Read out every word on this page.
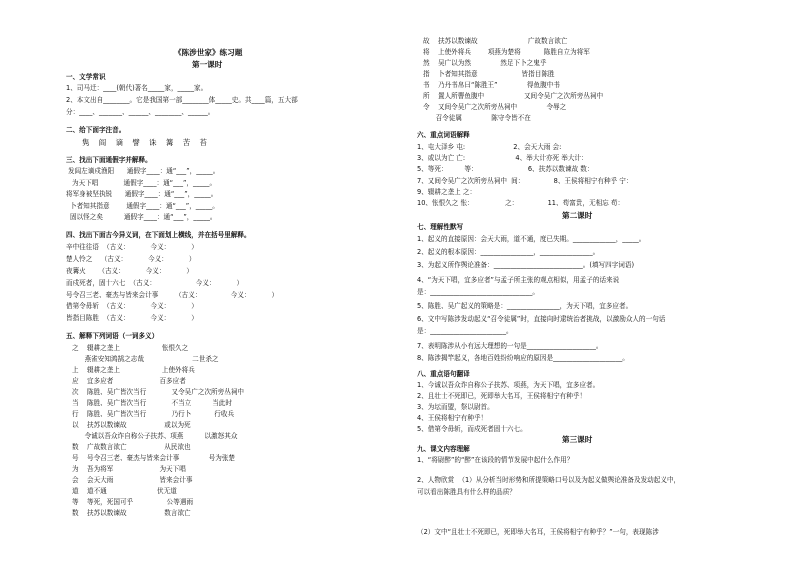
《陈涉世家》练习题
第一课时
一、文学常识
1、司马迁：____(朝代)著名_____家，_____家。
2、本文出自________。它是我国第一部________体_____史。共____篇，五大部
分：____、_______、______、________、______。
二、给下面字注音。
隽    阎    谪    譬    诛    篝    苦    苔
三、找出下面通假字并解释。
发闾左谪戍渔阳      通假字____：通“___”，_____。
为天下唱            通假字____：通“___”，_____。
将军身被坚执锐      通假字____：通“___”，_____。
卜者知其指意        通假字____：通“___”，_____。
固以怪之矣          通假字____：通“___”，_____。
四、找出下面古今异义词，在下面划上横线，并在括号里解释。
辛中往往语  （古义：          今义：          ）
楚人怜之    （古义：          今义：          ）
夜篝火      （古义：          今义：          ）
而戍死者，固十六七  （古义：                   今义：          ）
号令召三老、豪杰与皆来会计事        （古义：              今义：          ）
借第令毋斩  （古义：          今义：          ）
皆指目陈胜  （古义：          今义：          ）
五、解释下列词语（一词多义）
之    辍耕之垄上                    怅恨久之
燕雀安知鸿鹄之志哉                       二世杀之
上    辍耕之垄上                    上使外将兵
应    宜多应者                      百多应者
次    陈胜、吴广皆次当行            又令吴广之次所旁丛祠中
当    陈胜、吴广皆次当行            不当立          当此时
行    陈胜、吴广皆次当行            乃行卜           行收兵
以    扶苏以数谏故                  或以为死
令诚以吾众诈自称公子扶苏、项燕          以激怒其众
数    广故数言欲亡                  从民欲也
号    号令召三老、豪杰与皆来会计事              号为张楚
为    吾为将军                      为天下唱
会    会天大雨                      皆来会计事
道    道不通                        伏无道
等    等死，死国可乎                公等遇雨
数    扶苏以数谏故                  数言欲亡
故    扶苏以数谏故                        广故数言欲亡
将    上使外将兵        项燕为楚将           陈胜自立为将军
然    吴广以为然              然足下卜之鬼乎
指    卜者知其指意                     皆指目陈胜
书    乃丹书帛曰“陈胜王”              得鱼腹中书
所    置人所罾鱼腹中                   又间令吴广之次所旁丛祠中
令    又间令吴广之次所旁丛祠中              令辱之
召令徒属              陈守令皆不在
六、重点词语解释
1、屯大泽乡 屯:                       2、会天大雨 会:
3、或以为亡 亡:                        4、举大计亦死 举大计：
5、等死：        等：                        6、扶苏以数谏故 数：
7、又间令吴广之次所旁丛祠中  间：              8、王侯将相宁有种乎 宁：
9、辍耕之垄上 之：
10、怅恨久之 怅：               之：              11、苟富贵，无相忘 苟：
第二课时
七、理解性默写
1、起义的直接原因：会天大雨，道不通，度已失期。_____________，_____。
2、起义的根本原因：________________，________________。
3、为起义所作舆论准备：___________________________。(填写四字词语)
4、“为天下唱，宜多应者”与孟子所主张的观点相似，用孟子的话来说
是：_______________________________。
5、陈胜、吴广起义的策略是：________________，为天下唱，宜多应者。
6、文中写陈涉发动起义“召令徒属”时，直接向时逮统治者挑战，以激励众人的一句话
是：_______________________。
7、表明陈涉从小有远大理想的一句是_____________________。
8、陈涉揭竿起义，各地百姓纷纷响应的原因是_____________________。
八、重点语句翻译
1、今诚以吾众诈自称公子扶苏、项燕，为天下唱，宜多应者。
2、且壮士不死即已，死即举大名耳，王侯将相宁有种乎！
3、为坛而盟，祭以尉首。
4、王侯将相宁有种乎！
5、借第令毋斩，而戍死者固十六七。
第三课时
九、课文内容理解
1、“将尉醉”的“醉”在该段的情节发展中起什么作用？
2、人物欣赏  （1）从分析当时形势和所提策略口号以及为起义做舆论准备及发动起义中，
可以看出陈胜具有什么样的品质？
（2）文中“且壮士不死即已，死即举大名耳，王侯将相宁有种乎？”一句，表现陈涉
